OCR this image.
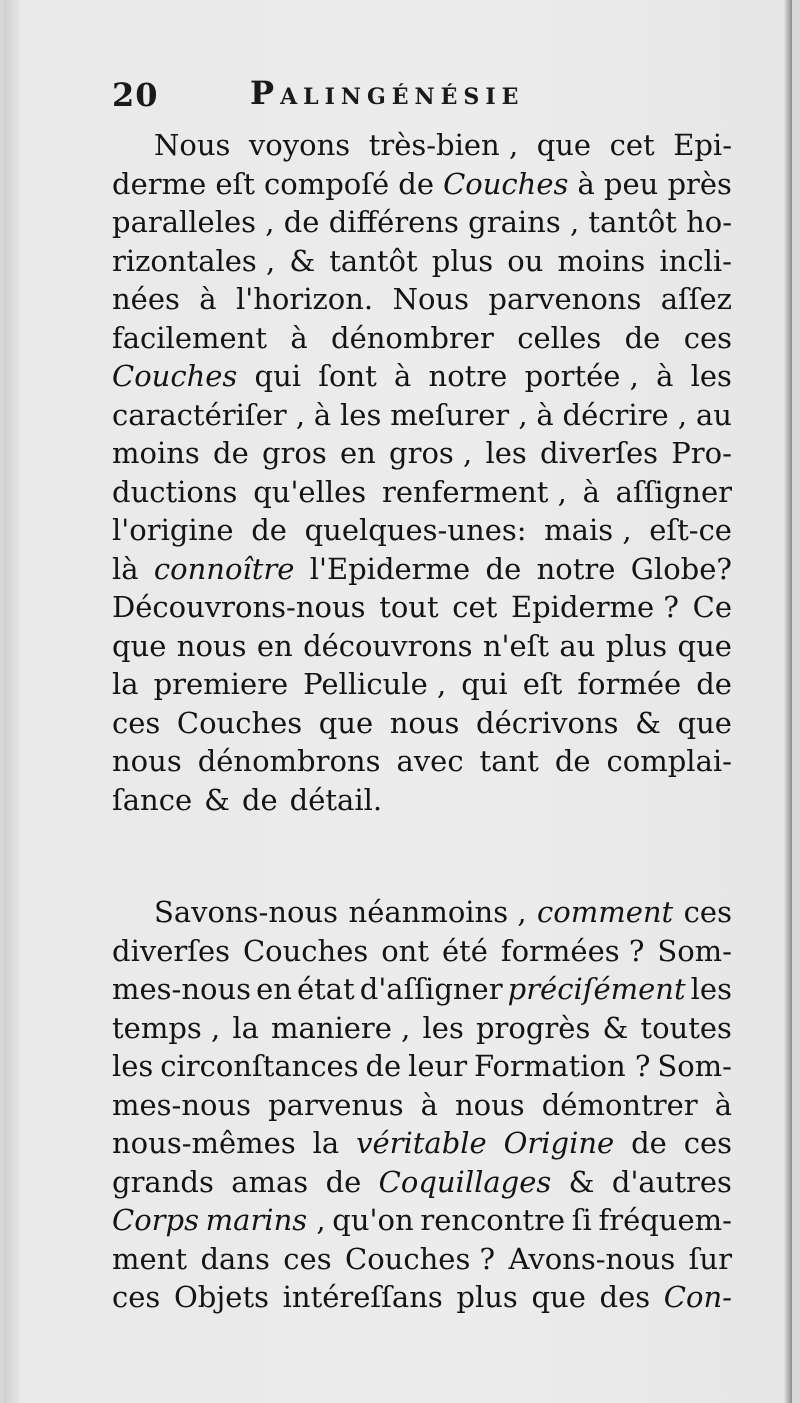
20	Palingénésie
Nous voyons très-bien , que cet Epi-
derme eſt compoſé de Couches à peu près
paralleles , de différens grains , tantôt ho-
rizontales , & tantôt plus ou moins incli-
nées à l'horizon. Nous parvenons aſſez
facilement à dénombrer celles de ces
Couches qui ſont à notre portée , à les
caractériſer , à les meſurer , à décrire , au
moins de gros en gros , les diverſes Pro-
ductions qu'elles renferment , à aſſigner
l'origine de quelques-unes: mais , eſt-ce
là connoître l'Epiderme de notre Globe?
Découvrons-nous tout cet Epiderme ? Ce
que nous en découvrons n'eſt au plus que
la premiere Pellicule , qui eſt formée de
ces Couches que nous décrivons & que
nous dénombrons avec tant de complai-
ſance & de détail.
Savons-nous néanmoins , comment ces
diverſes Couches ont été formées ? Som-
mes-nous en état d'aſſigner préciſément les
temps , la maniere , les progrès & toutes
les circonſtances de leur Formation ? Som-
mes-nous parvenus à nous démontrer à
nous-mêmes la véritable Origine de ces
grands amas de Coquillages & d'autres
Corps marins , qu'on rencontre ſi fréquem-
ment dans ces Couches ? Avons-nous ſur
ces Objets intéreſſans plus que des Con-
